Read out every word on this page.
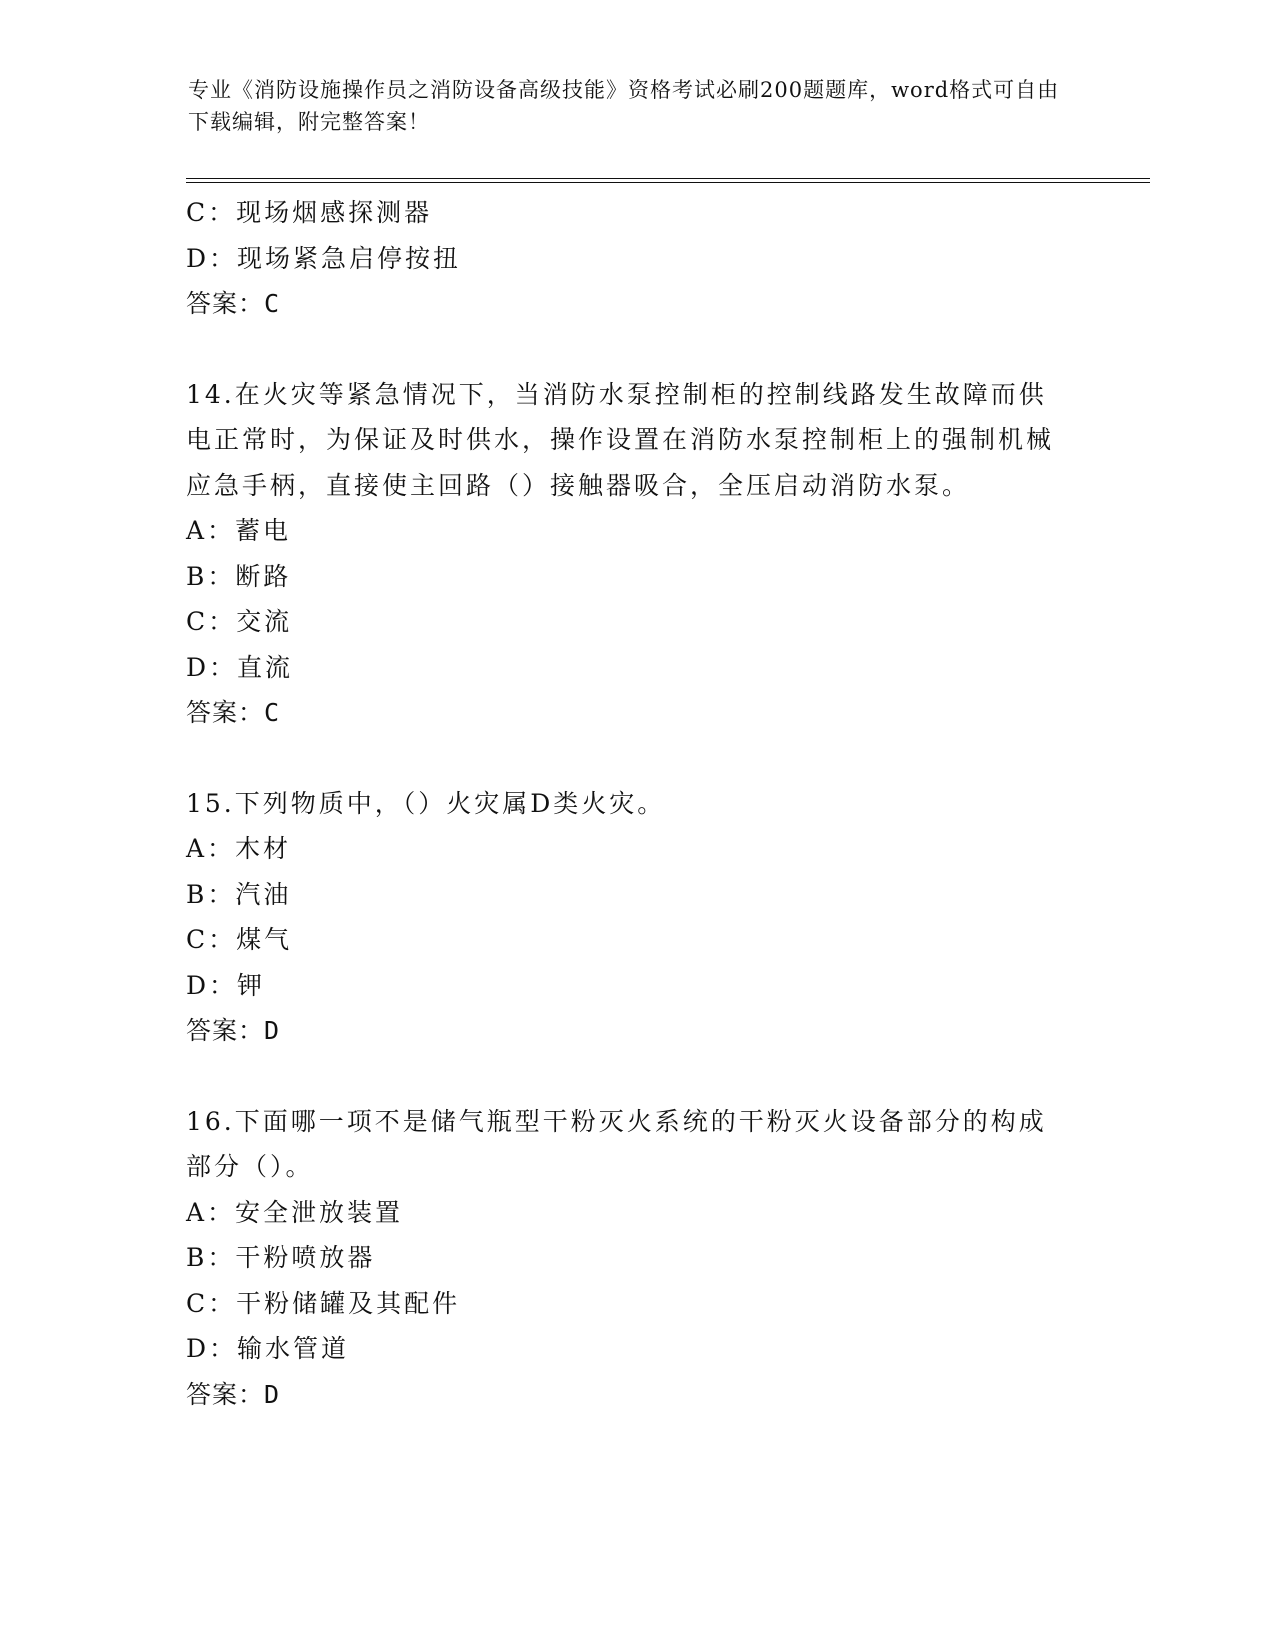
专业《消防设施操作员之消防设备高级技能》资格考试必刷200题题库，word格式可自由下载编辑，附完整答案！
C：现场烟感探测器
D：现场紧急启停按扭
答案：C
14.在火灾等紧急情况下，当消防水泵控制柜的控制线路发生故障而供电正常时，为保证及时供水，操作设置在消防水泵控制柜上的强制机械应急手柄，直接使主回路（）接触器吸合，全压启动消防水泵。
A：蓄电
B：断路
C：交流
D：直流
答案：C
15.下列物质中，（）火灾属D类火灾。
A：木材
B：汽油
C：煤气
D：钾
答案：D
16.下面哪一项不是储气瓶型干粉灭火系统的干粉灭火设备部分的构成部分（）。
A：安全泄放装置
B：干粉喷放器
C：干粉储罐及其配件
D：输水管道
答案：D
